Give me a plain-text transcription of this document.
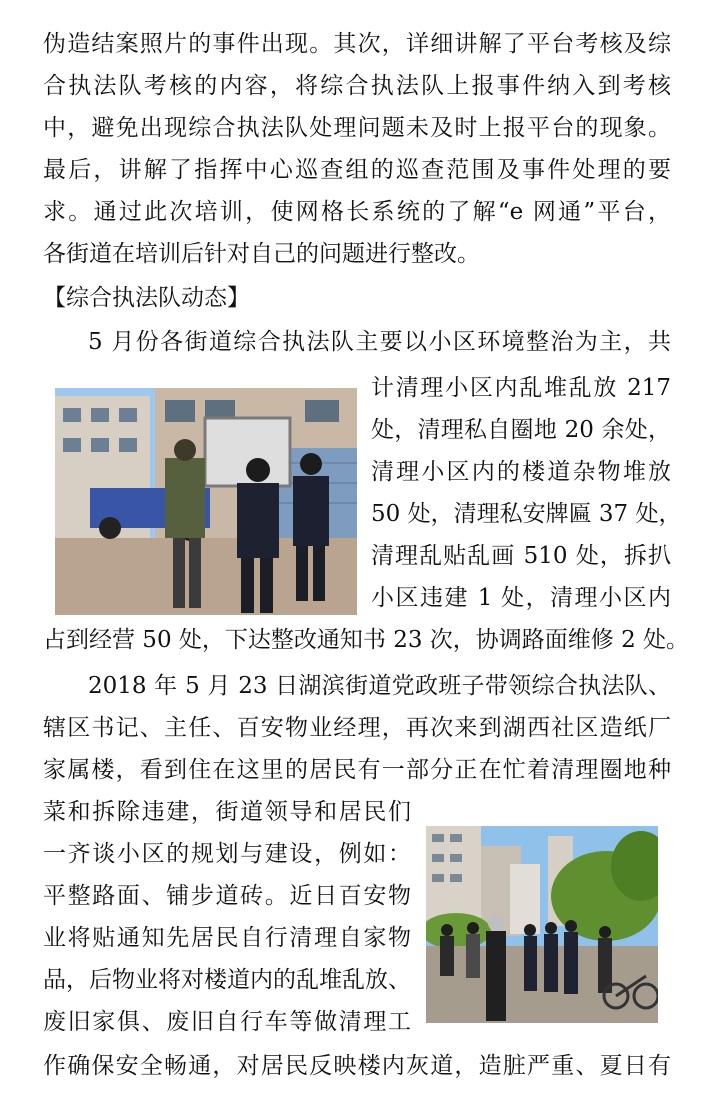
伪造结案照片的事件出现。其次，详细讲解了平台考核及综
合执法队考核的内容，将综合执法队上报事件纳入到考核
中，避免出现综合执法队处理问题未及时上报平台的现象。
最后，讲解了指挥中心巡查组的巡查范围及事件处理的要
求。通过此次培训，使网格长系统的了解“e 网通”平台，
各街道在培训后针对自己的问题进行整改。
【综合执法队动态】
5 月份各街道综合执法队主要以小区环境整治为主，共
计清理小区内乱堆乱放 217
处，清理私自圈地 20 余处，
清理小区内的楼道杂物堆放
50 处，清理私安牌匾 37 处，
清理乱贴乱画 510 处，拆扒
小区违建 1 处，清理小区内
占到经营 50 处，下达整改通知书 23 次，协调路面维修 2 处。
2018 年 5 月 23 日湖滨街道党政班子带领综合执法队、
辖区书记、主任、百安物业经理，再次来到湖西社区造纸厂
家属楼，看到住在这里的居民有一部分正在忙着清理圈地种
菜和拆除违建，街道领导和居民们
一齐谈小区的规划与建设，例如：
平整路面、铺步道砖。近日百安物
业将贴通知先居民自行清理自家物
品，后物业将对楼道内的乱堆乱放、
废旧家俱、废旧自行车等做清理工
作确保安全畅通，对居民反映楼内灰道，造脏严重、夏日有
